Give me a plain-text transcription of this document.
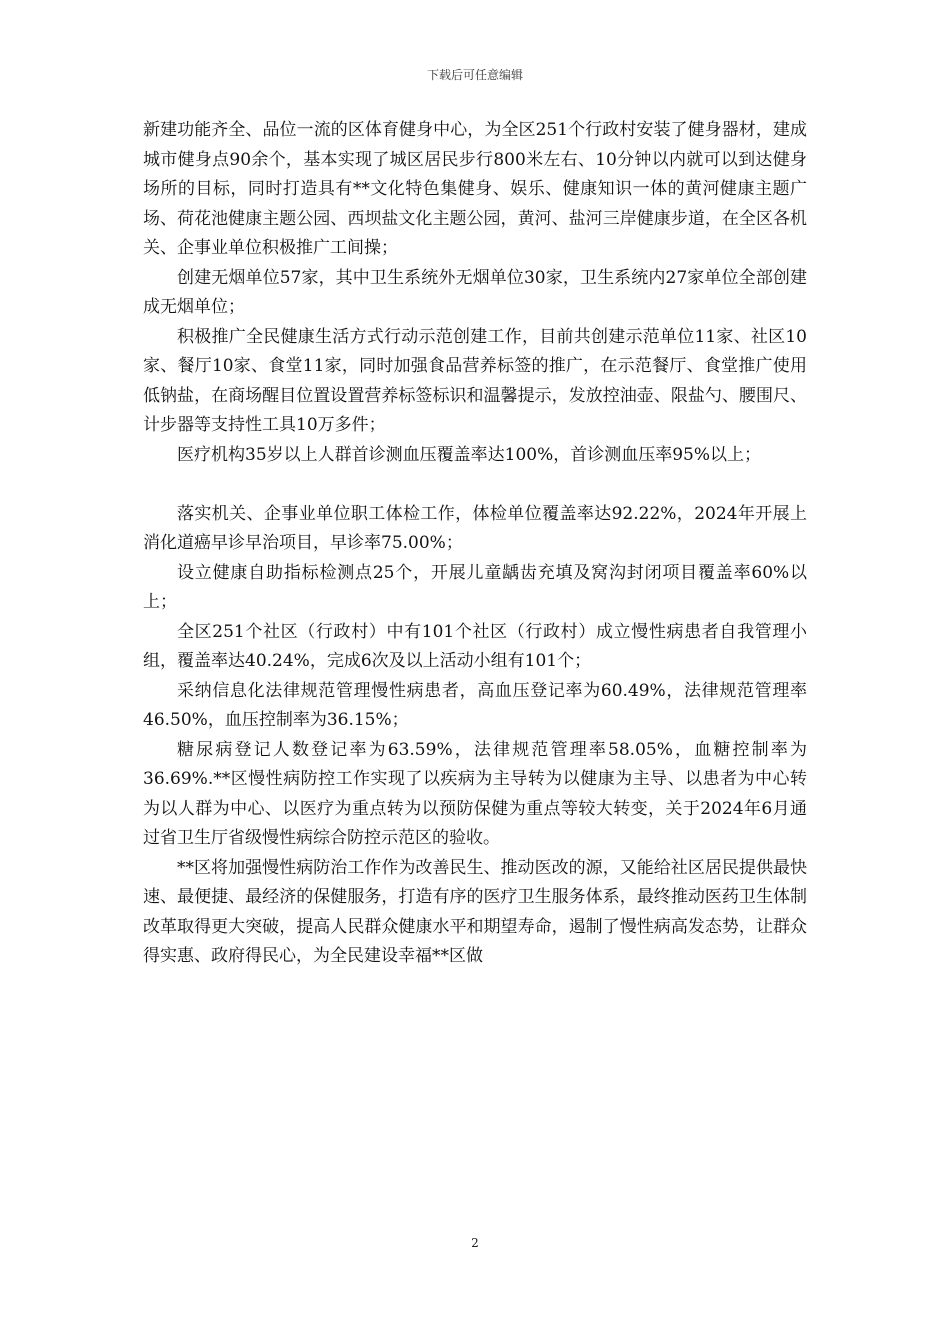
下载后可任意编辑

新建功能齐全、品位一流的区体育健身中心，为全区251个行政村安装了健身器材，建成城市健身点90余个，基本实现了城区居民步行800米左右、10分钟以内就可以到达健身场所的目标，同时打造具有**文化特色集健身、娱乐、健康知识一体的黄河健康主题广场、荷花池健康主题公园、西坝盐文化主题公园，黄河、盐河三岸健康步道，在全区各机关、企事业单位积极推广工间操；

创建无烟单位57家，其中卫生系统外无烟单位30家，卫生系统内27家单位全部创建成无烟单位；

积极推广全民健康生活方式行动示范创建工作，目前共创建示范单位11家、社区10家、餐厅10家、食堂11家，同时加强食品营养标签的推广，在示范餐厅、食堂推广使用低钠盐，在商场醒目位置设置营养标签标识和温馨提示，发放控油壶、限盐勺、腰围尺、计步器等支持性工具10万多件；

医疗机构35岁以上人群首诊测血压覆盖率达100%，首诊测血压率95%以上；

落实机关、企事业单位职工体检工作，体检单位覆盖率达92.22%，2024年开展上消化道癌早诊早治项目，早诊率75.00%；

设立健康自助指标检测点25个，开展儿童龋齿充填及窝沟封闭项目覆盖率60%以上；

全区251个社区（行政村）中有101个社区（行政村）成立慢性病患者自我管理小组，覆盖率达40.24%，完成6次及以上活动小组有101个；

采纳信息化法律规范管理慢性病患者，高血压登记率为60.49%，法律规范管理率46.50%，血压控制率为36.15%；

糖尿病登记人数登记率为63.59%，法律规范管理率58.05%，血糖控制率为36.69%.**区慢性病防控工作实现了以疾病为主导转为以健康为主导、以患者为中心转为以人群为中心、以医疗为重点转为以预防保健为重点等较大转变，关于2024年6月通过省卫生厅省级慢性病综合防控示范区的验收。

**区将加强慢性病防治工作作为改善民生、推动医改的源，又能给社区居民提供最快速、最便捷、最经济的保健服务，打造有序的医疗卫生服务体系，最终推动医药卫生体制改革取得更大突破，提高人民群众健康水平和期望寿命，遏制了慢性病高发态势，让群众得实惠、政府得民心，为全民建设幸福**区做

2
